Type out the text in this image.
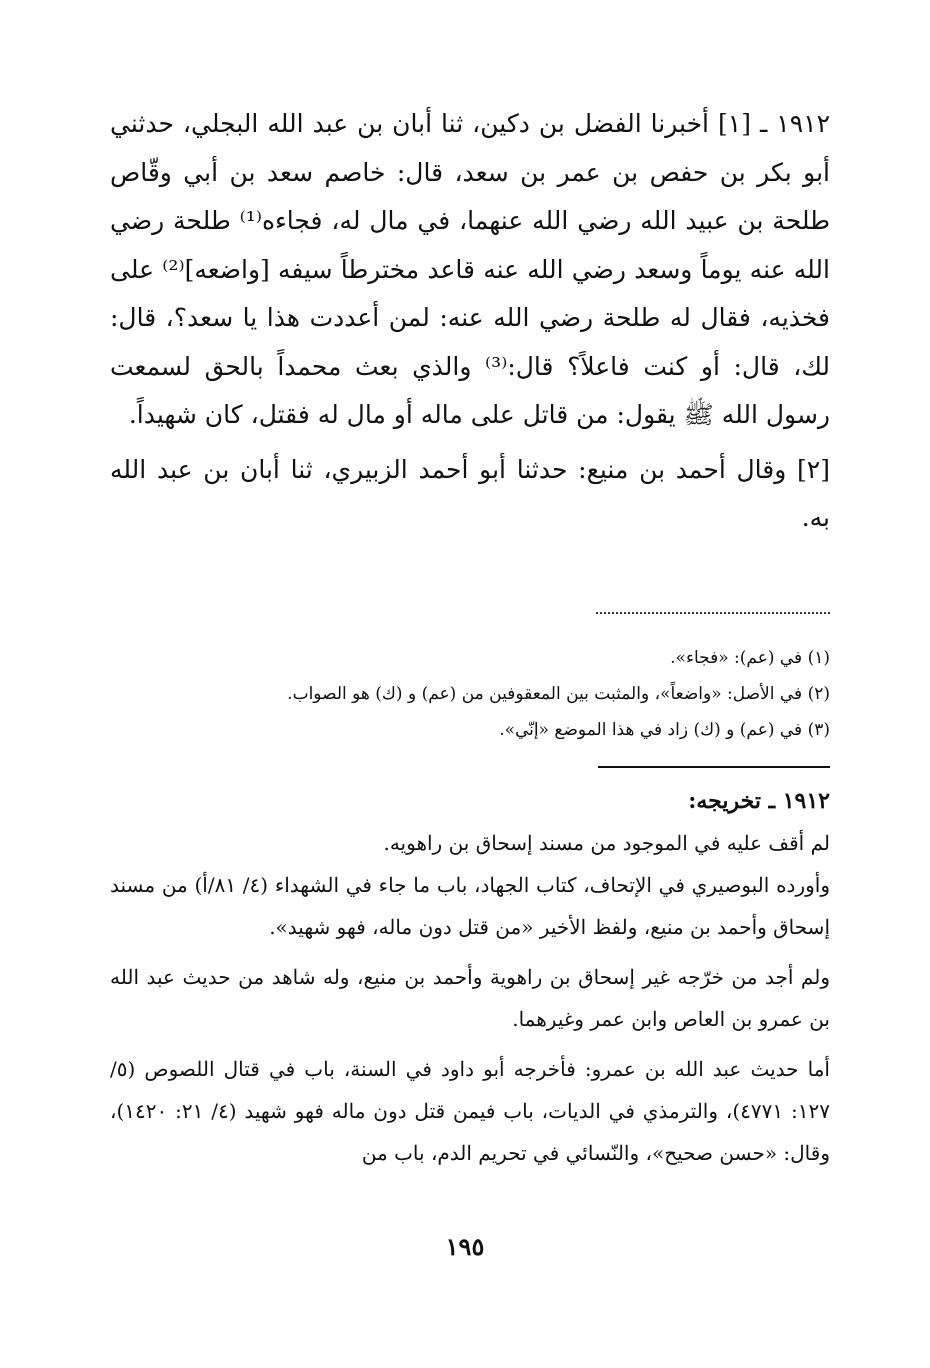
١٩١٢ ـ [١] أخبرنا الفضل بن دكين، ثنا أبان بن عبد الله البجلي، حدثني أبو بكر بن حفص بن عمر بن سعد، قال: خاصم سعد بن أبي وقّاص طلحة بن عبيد الله رضي الله عنهما، في مال له، فجاءه⁽¹⁾ طلحة رضي الله عنه يوماً وسعد رضي الله عنه قاعد مخترطاً سيفه [واضعه]⁽²⁾ على فخذيه، فقال له طلحة رضي الله عنه: لمن أعددت هذا يا سعد؟، قال: لك، قال: أو كنت فاعلاً؟ قال:⁽³⁾ والذي بعث محمداً بالحق لسمعت رسول الله ﷺ يقول: من قاتل على ماله أو مال له فقتل، كان شهيداً.

[٢] وقال أحمد بن منيع: حدثنا أبو أحمد الزبيري، ثنا أبان بن عبد الله به.

(١) في (عم): «فجاء».
(٢) في الأصل: «واضعاً»، والمثبت بين المعقوفين من (عم) و (ك) هو الصواب.
(٣) في (عم) و (ك) زاد في هذا الموضع «إنّي».
١٩١٢ ـ تخريجه:

لم أقف عليه في الموجود من مسند إسحاق بن راهويه.

وأورده البوصيري في الإتحاف، كتاب الجهاد، باب ما جاء في الشهداء (٤/ ٨١/أ) من مسند إسحاق وأحمد بن منيع، ولفظ الأخير «من قتل دون ماله، فهو شهيد».

ولم أجد من خرّجه غير إسحاق بن راهوية وأحمد بن منيع، وله شاهد من حديث عبد الله بن عمرو بن العاص وابن عمر وغيرهما.

أما حديث عبد الله بن عمرو: فأخرجه أبو داود في السنة، باب في قتال اللصوص (٥/ ١٢٧: ٤٧٧١)، والترمذي في الديات، باب فيمن قتل دون ماله فهو شهيد (٤/ ٢١: ١٤٢٠)، وقال: «حسن صحيح»، والنّسائي في تحريم الدم، باب من

١٩٥
